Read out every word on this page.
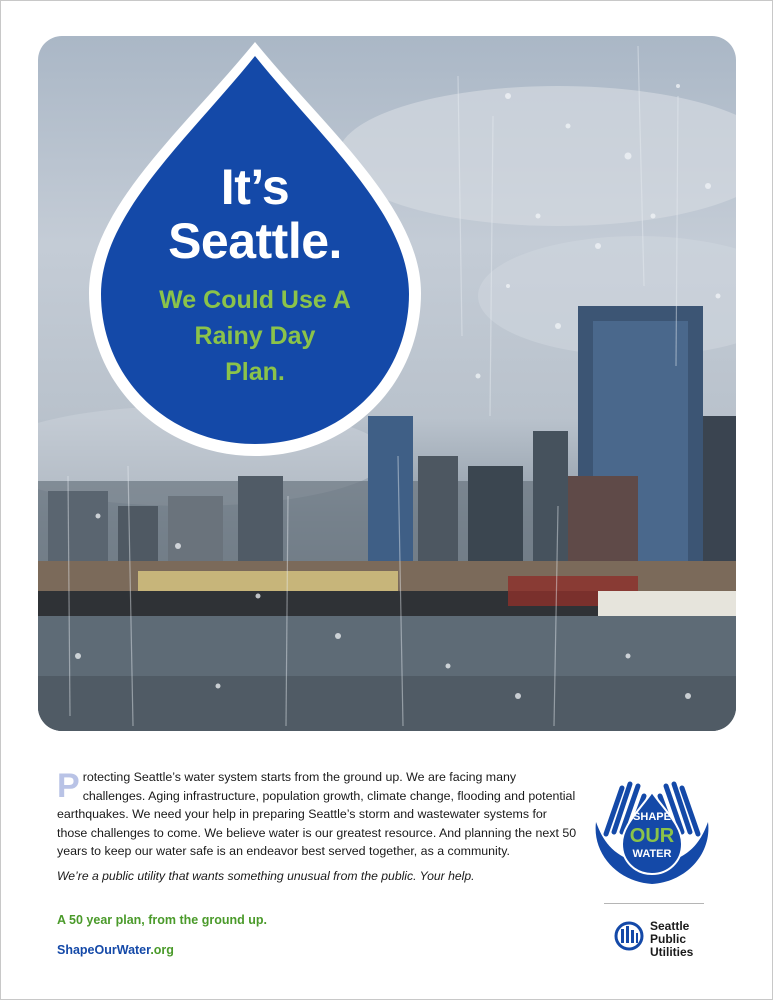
It’s
Seattle.
We Could Use A
Rainy Day
Plan.
Protecting Seattle’s water system starts from the ground up. We are facing many challenges. Aging infrastructure, population growth, climate change, flooding and potential earthquakes. We need your help in preparing Seattle’s storm and wastewater systems for those challenges to come. We believe water is our greatest resource. And planning the next 50 years to keep our water safe is an endeavor best served together, as a community.
We’re a public utility that wants something unusual from the public. Your help.
A 50 year plan, from the ground up.
ShapeOurWater.org
SHAPE
OUR
WATER
Seattle
Public
Utilities
